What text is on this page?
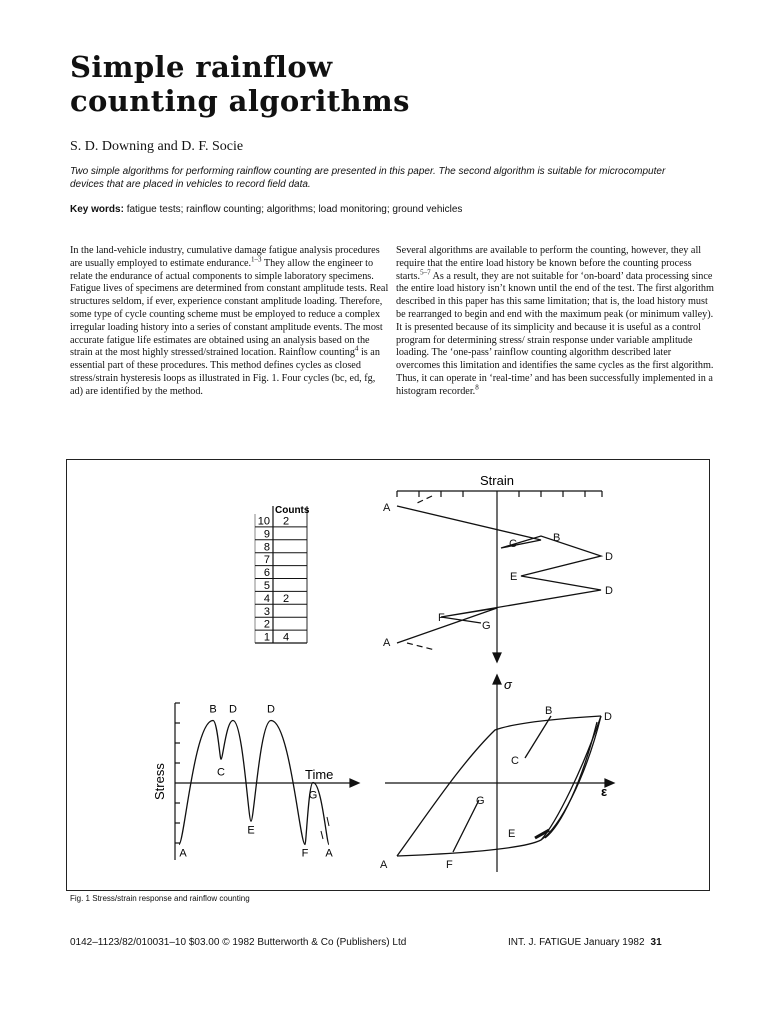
Simple rainflow
counting algorithms
S. D. Downing and D. F. Socie
Two simple algorithms for performing rainflow counting are presented in this paper. The second algorithm is suitable for microcomputer devices that are placed in vehicles to record field data.
Key words: fatigue tests; rainflow counting; algorithms; load monitoring; ground vehicles
In the land-vehicle industry, cumulative damage fatigue analysis procedures are usually employed to estimate endurance.$^{1-3}$ They allow the engineer to relate the endurance of actual components to simple laboratory specimens. Fatigue lives of specimens are determined from constant amplitude tests. Real structures seldom, if ever, experience constant amplitude loading. Therefore, some type of cycle counting scheme must be employed to reduce a complex irregular loading history into a series of constant amplitude events. The most accurate fatigue life estimates are obtained using an analysis based on the strain at the most highly stressed/strained location. Rainflow counting$^4$ is an essential part of these procedures. This method defines cycles as closed stress/strain hysteresis loops as illustrated in Fig. 1. Four cycles (bc, ed, fg, ad) are identified by the method.
Several algorithms are available to perform the counting, however, they all require that the entire load history be known before the counting process starts.$^{5-7}$ As a result, they are not suitable for ‘on-board’ data processing since the entire load history isn’t known until the end of the test. The first algorithm described in this paper has this same limitation; that is, the load history must be rearranged to begin and end with the maximum peak (or minimum valley). It is presented because of its simplicity and because it is useful as a control program for determining stress/ strain response under variable amplitude loading. The ‘one-pass’ rainflow counting algorithm described later overcomes this limitation and identifies the same cycles as the first algorithm. Thus, it can operate in ‘real-time’ and has been successfully implemented in a histogram recorder.$^8$
Counts
10 2
9
8
7
6
5
4 2
3
2
1 4
Strain
A
B
C
D
E
D
F
G
A
Stress	Time
A
B
C
D
E
D
F
G
A
σ
ε
B	D
C
G
E
A	F
Fig. 1 Stress/strain response and rainflow counting
0142–1123/82/010031–10 $03.00 © 1982 Butterworth & Co (Publishers) Ltd	INT. J. FATIGUE January 1982 31
